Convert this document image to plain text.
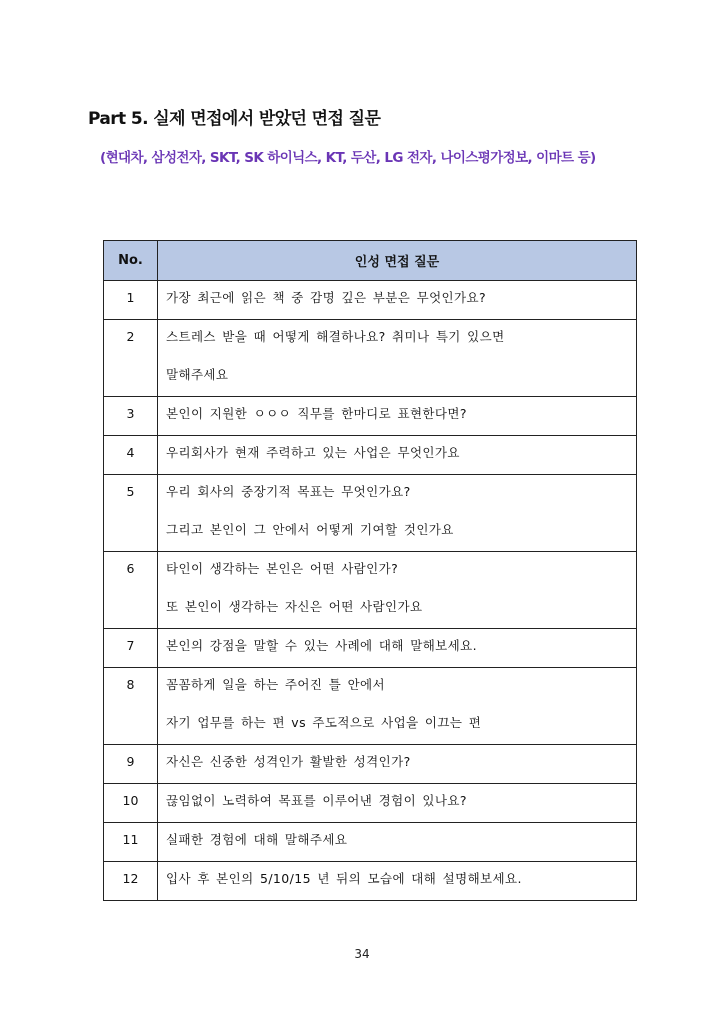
Part 5. 실제 면접에서 받았던 면접 질문

(현대차, 삼성전자, SKT, SK 하이닉스, KT, 두산, LG 전자, 나이스평가정보, 이마트 등)

No.	인성 면접 질문
1	가장 최근에 읽은 책 중 감명 깊은 부분은 무엇인가요?

2	스트레스 받을 때 어떻게 해결하나요? 취미나 특기 있으면
말해주세요

3	본인이 지원한 ㅇㅇㅇ 직무를 한마디로 표현한다면?

4	우리회사가 현재 주력하고 있는 사업은 무엇인가요

5	우리 회사의 중장기적 목표는 무엇인가요?
그리고 본인이 그 안에서 어떻게 기여할 것인가요

6	타인이 생각하는 본인은 어떤 사람인가?
또 본인이 생각하는 자신은 어떤 사람인가요

7	본인의 강점을 말할 수 있는 사례에 대해 말해보세요.

8	꼼꼼하게 일을 하는 주어진 틀 안에서
자기 업무를 하는 편 vs 주도적으로 사업을 이끄는 편

9	자신은 신중한 성격인가 활발한 성격인가?

10	끊임없이 노력하여 목표를 이루어낸 경험이 있나요?

11	실패한 경험에 대해 말해주세요

12	입사 후 본인의 5/10/15 년 뒤의 모습에 대해 설명해보세요.
34
